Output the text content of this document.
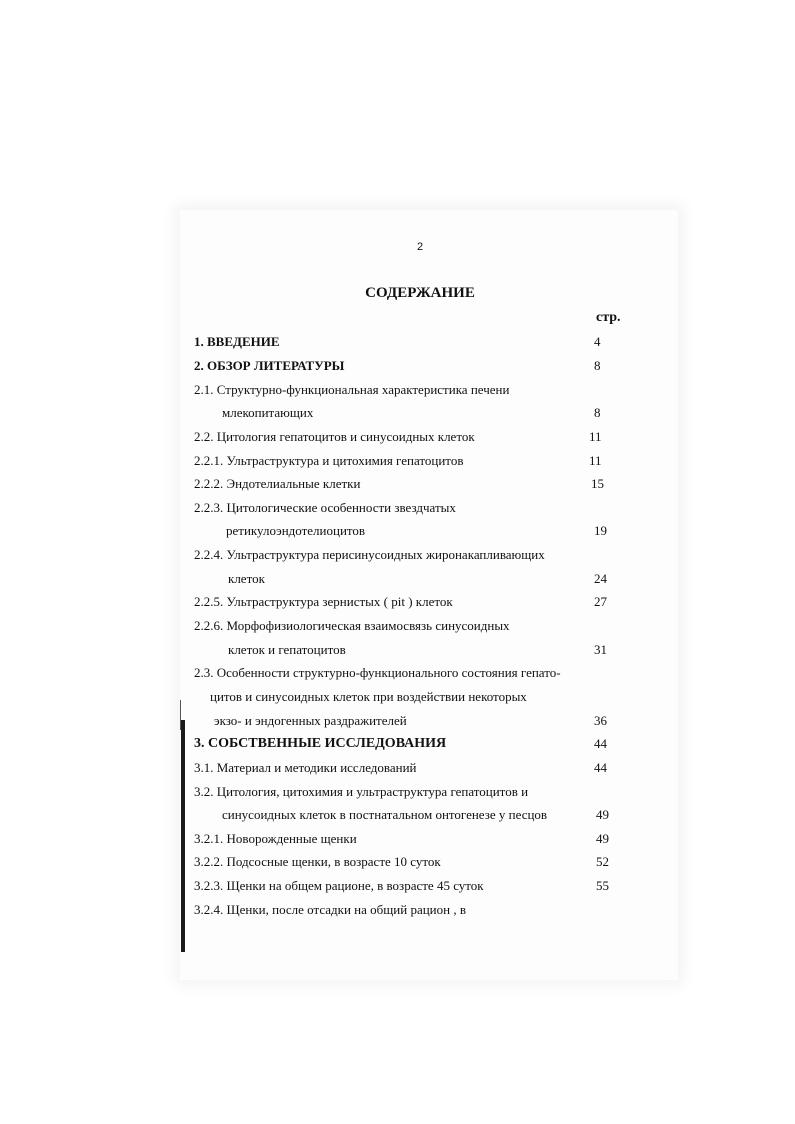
2
СОДЕРЖАНИЕ
стр.
1. ВВЕДЕНИЕ	4
2. ОБЗОР ЛИТЕРАТУРЫ	8
2.1. Структурно-функциональная характеристика печени
млекопитающих	8
2.2. Цитология гепатоцитов и синусоидных клеток	11
2.2.1. Ультраструктура и цитохимия гепатоцитов	11
2.2.2. Эндотелиальные клетки	15
2.2.3. Цитологические особенности звездчатых
ретикулоэндотелиоцитов	19
2.2.4. Ультраструктура перисинусоидных жиронакапливающих
клеток	24
2.2.5. Ультраструктура зернистых ( pit ) клеток	27
2.2.6. Морфофизиологическая взаимосвязь синусоидных
клеток и гепатоцитов	31
2.3. Особенности структурно-функционального состояния гепато-
цитов и синусоидных клеток при воздействии некоторых
экзо- и эндогенных раздражителей	36
3. СОБСТВЕННЫЕ ИССЛЕДОВАНИЯ	44
3.1. Материал и методики исследований	44
3.2. Цитология, цитохимия и ультраструктура гепатоцитов и
синусоидных клеток в постнатальном онтогенезе у песцов	49
3.2.1. Новорожденные щенки	49
3.2.2. Подсосные щенки, в возрасте 10 суток	52
3.2.3. Щенки на общем рационе, в возрасте 45 суток	55
3.2.4. Щенки, после отсадки на общий рацион , в
